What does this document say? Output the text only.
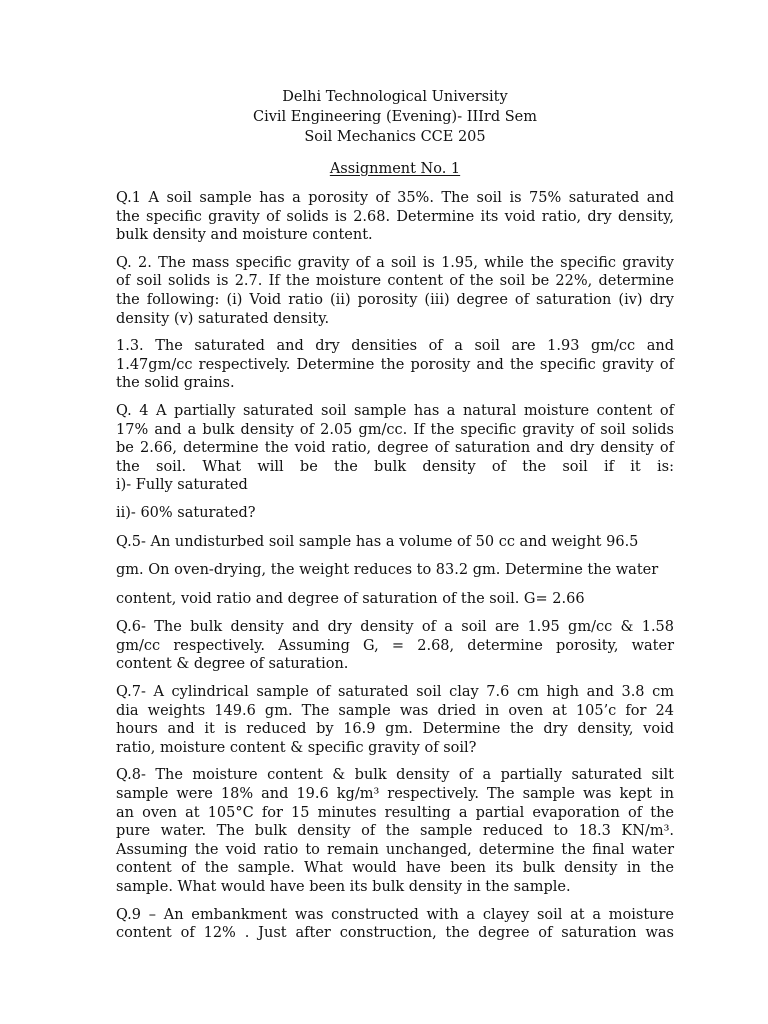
Delhi Technological University
Civil Engineering (Evening)- IIIrd Sem
Soil Mechanics CCE 205
Assignment No. 1
Q.1 A soil sample has a porosity of 35%. The soil is 75% saturated and
the specific gravity of solids is 2.68. Determine its void ratio, dry density,
bulk density and moisture content.
Q. 2. The mass specific gravity of a soil is 1.95, while the specific gravity
of soil solids is 2.7. If the moisture content of the soil be 22%, determine
the following: (i) Void ratio (ii) porosity (iii) degree of saturation (iv) dry
density (v) saturated density.
1.3. The saturated and dry densities of a soil are 1.93 gm/cc and
1.47gm/cc respectively. Determine the porosity and the specific gravity of
the solid grains.
Q. 4 A partially saturated soil sample has a natural moisture content of
17% and a bulk density of 2.05 gm/cc. If the specific gravity of soil solids
be 2.66, determine the void ratio, degree of saturation and dry density of
the soil. What will be the bulk density of the soil if it is:
i)- Fully saturated
ii)- 60% saturated?
Q.5- An undisturbed soil sample has a volume of 50 cc and weight 96.5
gm. On oven-drying, the weight reduces to 83.2 gm. Determine the water
content, void ratio and degree of saturation of the soil. G= 2.66
Q.6- The bulk density and dry density of a soil are 1.95 gm/cc & 1.58
gm/cc respectively. Assuming G, = 2.68, determine porosity, water
content & degree of saturation.
Q.7- A cylindrical sample of saturated soil clay 7.6 cm high and 3.8 cm
dia weights 149.6 gm. The sample was dried in oven at 105’c for 24
hours and it is reduced by 16.9 gm. Determine the dry density, void
ratio, moisture content & specific gravity of soil?
Q.8- The moisture content & bulk density of a partially saturated silt
sample were 18% and 19.6 kg/m³ respectively. The sample was kept in
an oven at 105°C for 15 minutes resulting a partial evaporation of the
pure water. The bulk density of the sample reduced to 18.3 KN/m³.
Assuming the void ratio to remain unchanged, determine the final water
content of the sample. What would have been its bulk density in the
sample. What would have been its bulk density in the sample.
Q.9 – An embankment was constructed with a clayey soil at a moisture
content of 12% . Just after construction, the degree of saturation was
